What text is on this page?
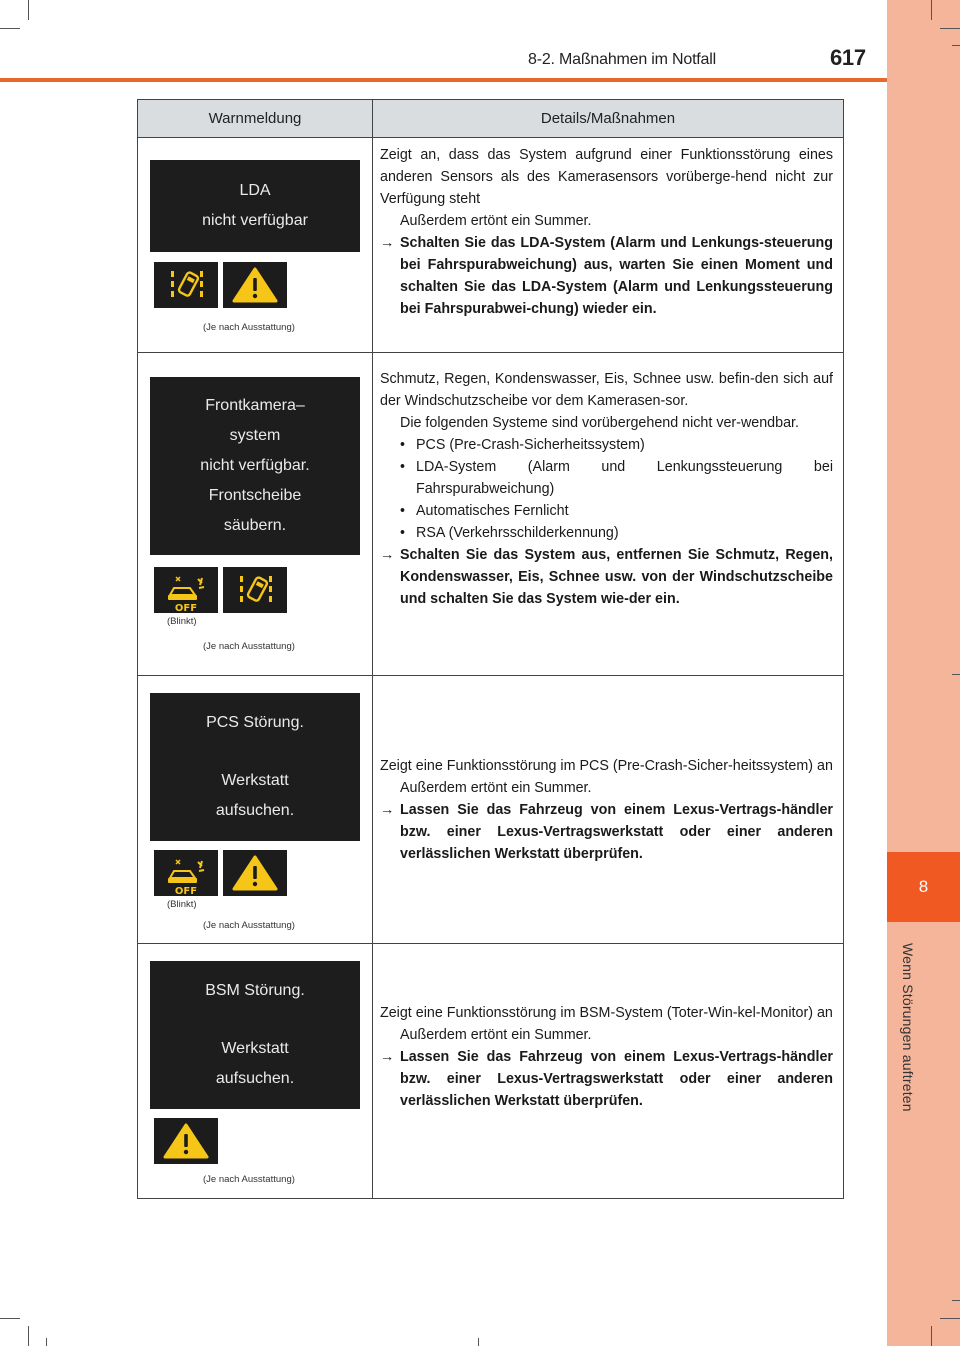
8
Wenn Störungen auftreten
8-2. Maßnahmen im Notfall	617
Warnmeldung	Details/Maßnahmen
LDA
nicht verfügbar
(Je nach Ausstattung)

Zeigt an, dass das System aufgrund einer Funktionsstörung eines anderen Sensors als des Kamerasensors vorüberge-hend nicht zur Verfügung steht

Außerdem ertönt ein Summer.

→ Schalten Sie das LDA-System (Alarm und Lenkungs-steuerung bei Fahrspurabweichung) aus, warten Sie einen Moment und schalten Sie das LDA-System (Alarm und Lenkungssteuerung bei Fahrspurabwei-chung) wieder ein.
Frontkamera–
system
nicht verfügbar.
Frontscheibe
säubern.
OFF
(Blinkt)
(Je nach Ausstattung)

Schmutz, Regen, Kondenswasser, Eis, Schnee usw. befin-den sich auf der Windschutzscheibe vor dem Kamerasen-sor.

Die folgenden Systeme sind vorübergehend nicht ver-wendbar.

• PCS (Pre-Crash-Sicherheitssystem)
• LDA-System (Alarm und Lenkungssteuerung bei Fahrspurabweichung)
• Automatisches Fernlicht
• RSA (Verkehrsschilderkennung)
→ Schalten Sie das System aus, entfernen Sie Schmutz, Regen, Kondenswasser, Eis, Schnee usw. von der Windschutzscheibe und schalten Sie das System wie-der ein.
PCS Störung.
Werkstatt
aufsuchen.
OFF
(Blinkt)
(Je nach Ausstattung)

Zeigt eine Funktionsstörung im PCS (Pre-Crash-Sicher-heitssystem) an

Außerdem ertönt ein Summer.

→ Lassen Sie das Fahrzeug von einem Lexus-Vertrags-händler bzw. einer Lexus-Vertragswerkstatt oder einer anderen verlässlichen Werkstatt überprüfen.
BSM Störung.
Werkstatt
aufsuchen.
(Je nach Ausstattung)

Zeigt eine Funktionsstörung im BSM-System (Toter-Win-kel-Monitor) an

Außerdem ertönt ein Summer.

→ Lassen Sie das Fahrzeug von einem Lexus-Vertrags-händler bzw. einer Lexus-Vertragswerkstatt oder einer anderen verlässlichen Werkstatt überprüfen.
